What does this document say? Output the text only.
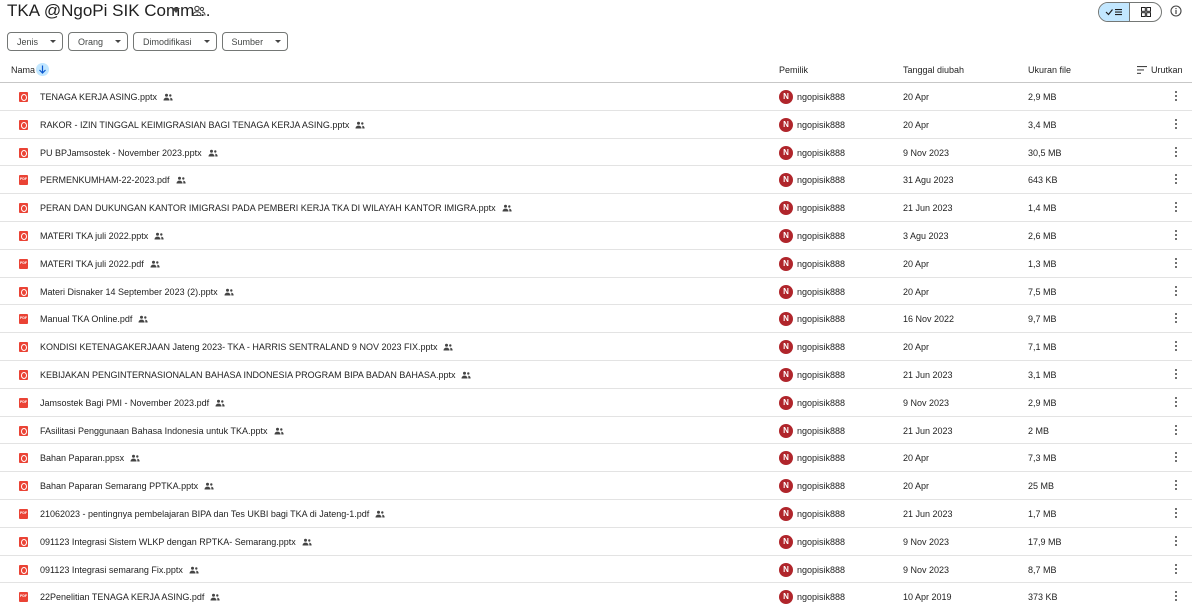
TKA @NgoPi SIK Comm…
Jenis	Orang	Dimodifikasi	Sumber
Nama	Pemilik	Tanggal diubah	Ukuran file	Urutkan
TENAGA KERJA ASING.pptx	N ngopisik888	20 Apr	2,9 MB
RAKOR - IZIN TINGGAL KEIMIGRASIAN BAGI TENAGA KERJA ASING.pptx	N ngopisik888	20 Apr	3,4 MB
PU BPJamsostek - November 2023.pptx	N ngopisik888	9 Nov 2023	30,5 MB
PDF
PERMENKUMHAM-22-2023.pdf	N ngopisik888	31 Agu 2023	643 KB
PERAN DAN DUKUNGAN KANTOR IMIGRASI PADA PEMBERI KERJA TKA DI WILAYAH KANTOR IMIGRA.pptx	N ngopisik888	21 Jun 2023	1,4 MB
MATERI TKA juli 2022.pptx	N ngopisik888	3 Agu 2023	2,6 MB
PDF
MATERI TKA juli 2022.pdf	N ngopisik888	20 Apr	1,3 MB
Materi Disnaker 14 September 2023 (2).pptx	N ngopisik888	20 Apr	7,5 MB
PDF
Manual TKA Online.pdf	N ngopisik888	16 Nov 2022	9,7 MB
KONDISI KETENAGAKERJAAN Jateng 2023- TKA - HARRIS SENTRALAND 9 NOV 2023 FIX.pptx	N ngopisik888	20 Apr	7,1 MB
KEBIJAKAN PENGINTERNASIONALAN BAHASA INDONESIA PROGRAM BIPA BADAN BAHASA.pptx	N ngopisik888	21 Jun 2023	3,1 MB
PDF
Jamsostek Bagi PMI - November 2023.pdf	N ngopisik888	9 Nov 2023	2,9 MB
FAsilitasi Penggunaan Bahasa Indonesia untuk TKA.pptx	N ngopisik888	21 Jun 2023	2 MB
Bahan Paparan.ppsx	N ngopisik888	20 Apr	7,3 MB
Bahan Paparan Semarang PPTKA.pptx	N ngopisik888	20 Apr	25 MB
PDF
21062023 - pentingnya pembelajaran BIPA dan Tes UKBI bagi TKA di Jateng-1.pdf	N ngopisik888	21 Jun 2023	1,7 MB
091123 Integrasi Sistem WLKP dengan RPTKA- Semarang.pptx	N ngopisik888	9 Nov 2023	17,9 MB
091123 Integrasi semarang Fix.pptx	N ngopisik888	9 Nov 2023	8,7 MB
PDF
22Penelitian TENAGA KERJA ASING.pdf	N ngopisik888	10 Apr 2019	373 KB
